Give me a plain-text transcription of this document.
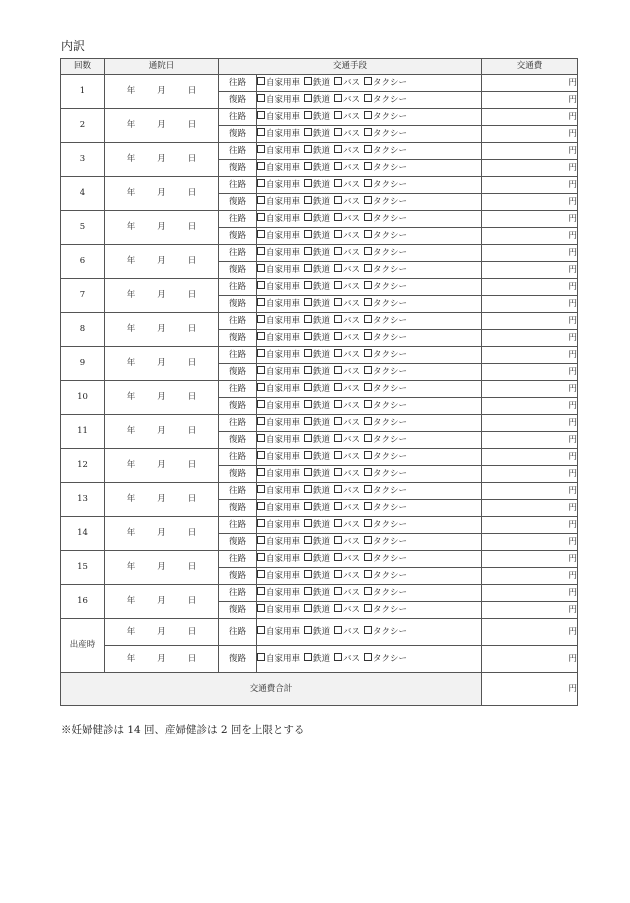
内訳
回数	通院日	交通手段		交通費
1	年 月 日	往路	自家用車 鉄道 バス タクシー	円
		復路	自家用車 鉄道 バス タクシー	円
2	年 月 日	往路	自家用車 鉄道 バス タクシー	円
		復路	自家用車 鉄道 バス タクシー	円
3	年 月 日	往路	自家用車 鉄道 バス タクシー	円
		復路	自家用車 鉄道 バス タクシー	円
4	年 月 日	往路	自家用車 鉄道 バス タクシー	円
		復路	自家用車 鉄道 バス タクシー	円
5	年 月 日	往路	自家用車 鉄道 バス タクシー	円
		復路	自家用車 鉄道 バス タクシー	円
6	年 月 日	往路	自家用車 鉄道 バス タクシー	円
		復路	自家用車 鉄道 バス タクシー	円
7	年 月 日	往路	自家用車 鉄道 バス タクシー	円
		復路	自家用車 鉄道 バス タクシー	円
8	年 月 日	往路	自家用車 鉄道 バス タクシー	円
		復路	自家用車 鉄道 バス タクシー	円
9	年 月 日	往路	自家用車 鉄道 バス タクシー	円
		復路	自家用車 鉄道 バス タクシー	円
10	年 月 日	往路	自家用車 鉄道 バス タクシー	円
		復路	自家用車 鉄道 バス タクシー	円
11	年 月 日	往路	自家用車 鉄道 バス タクシー	円
		復路	自家用車 鉄道 バス タクシー	円
12	年 月 日	往路	自家用車 鉄道 バス タクシー	円
		復路	自家用車 鉄道 バス タクシー	円
13	年 月 日	往路	自家用車 鉄道 バス タクシー	円
		復路	自家用車 鉄道 バス タクシー	円
14	年 月 日	往路	自家用車 鉄道 バス タクシー	円
		復路	自家用車 鉄道 バス タクシー	円
15	年 月 日	往路	自家用車 鉄道 バス タクシー	円
		復路	自家用車 鉄道 バス タクシー	円
16	年 月 日	往路	自家用車 鉄道 バス タクシー	円
		復路	自家用車 鉄道 バス タクシー	円
出産時	年 月 日	往路	自家用車 鉄道 バス タクシー	円
	年 月 日	復路	自家用車 鉄道 バス タクシー	円
交通費合計				円
※妊婦健診は 14 回、産婦健診は 2 回を上限とする
